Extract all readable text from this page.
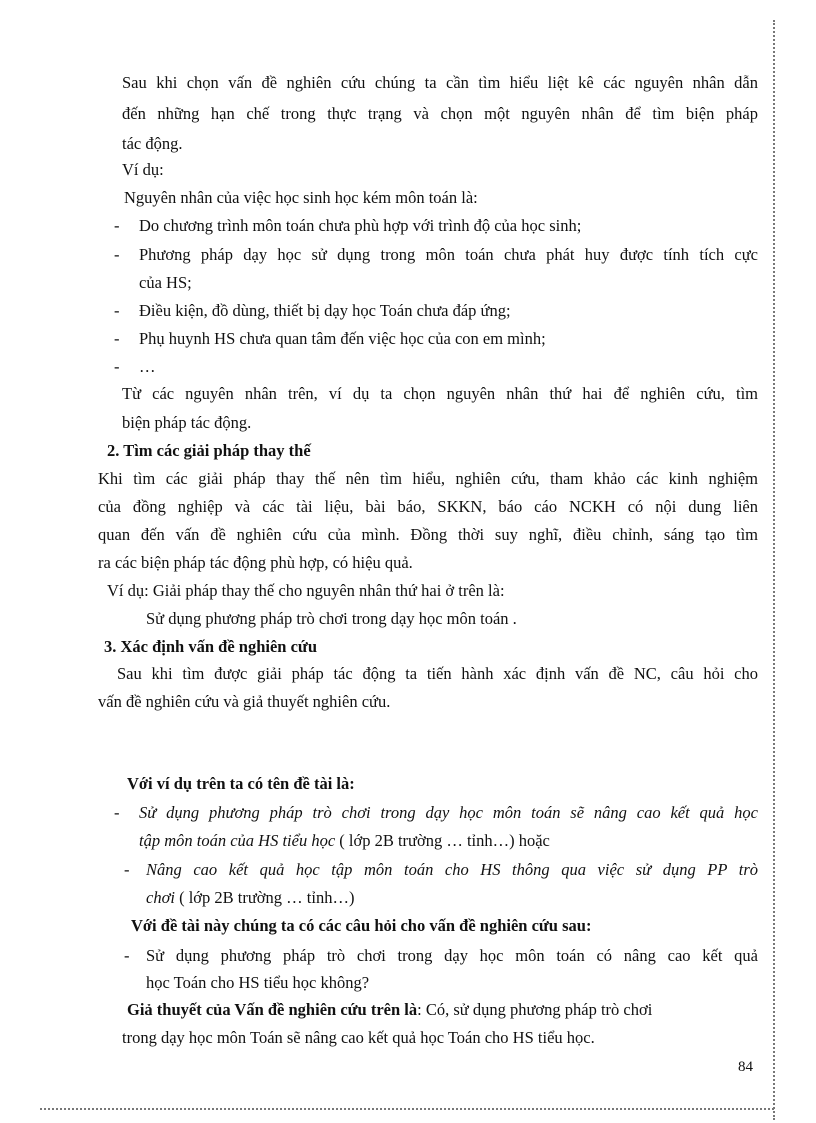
Sau khi chọn vấn đề nghiên cứu chúng ta cần tìm hiểu liệt kê các nguyên nhân dẫn
đến những hạn chế trong thực trạng và chọn một nguyên nhân để tìm biện pháp
tác động.
Ví dụ:
Nguyên nhân của việc học sinh học kém môn toán là:
- Do chương trình môn toán chưa phù hợp với trình độ của học sinh;
- Phương pháp dạy học sử dụng trong môn toán chưa phát huy được tính tích cực
của HS;
- Điều kiện, đồ dùng, thiết bị dạy học Toán chưa đáp ứng;
- Phụ huynh HS chưa quan tâm đến việc học của con em mình;
- …
Từ các nguyên nhân trên, ví dụ ta chọn nguyên nhân thứ hai để nghiên cứu, tìm
biện pháp tác động.
2. Tìm các giải pháp thay thế
Khi tìm các giải pháp thay thế nên tìm hiểu, nghiên cứu, tham khảo các kinh nghiệm
của đồng nghiệp và các tài liệu, bài báo, SKKN, báo cáo NCKH có nội dung liên
quan đến vấn đề nghiên cứu của mình. Đồng thời suy nghĩ, điều chỉnh, sáng tạo tìm
ra các biện pháp tác động phù hợp, có hiệu quả.
Ví dụ: Giải pháp thay thế cho nguyên nhân thứ hai ở trên là:
Sử dụng phương pháp trò chơi trong dạy học môn toán .
3. Xác định vấn đề nghiên cứu
Sau khi tìm được giải pháp tác động ta tiến hành xác định vấn đề NC, câu hỏi cho
vấn đề nghiên cứu và giả thuyết nghiên cứu.
Với ví dụ trên ta có tên đề tài là:
- Sử dụng phương pháp trò chơi trong dạy học môn toán sẽ nâng cao kết quả học
tập môn toán của HS tiểu học ( lớp 2B trường … tỉnh…) hoặc
- Nâng cao kết quả học tập môn toán cho HS thông qua việc sử dụng PP trò
chơi ( lớp 2B trường … tỉnh…)
Với đề tài này chúng ta có các câu hỏi cho vấn đề nghiên cứu sau:
- Sử dụng phương pháp trò chơi trong dạy học môn toán có nâng cao kết quả
học Toán cho HS tiểu học không?
Giả thuyết của Vấn đề nghiên cứu trên là: Có, sử dụng phương pháp trò chơi
trong dạy học môn Toán sẽ nâng cao kết quả học Toán cho HS tiểu học.
84
